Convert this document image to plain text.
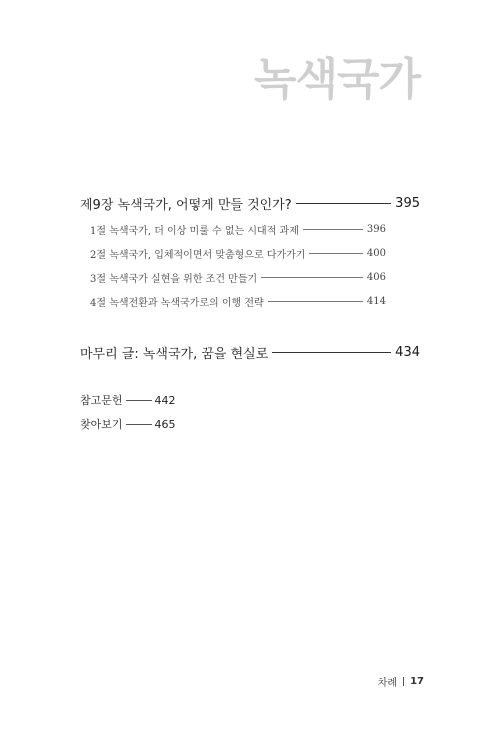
녹색국가
제9장 녹색국가, 어떻게 만들 것인가?	395
1절 녹색국가, 더 이상 미룰 수 없는 시대적 과제	396
2절 녹색국가, 입체적이면서 맞춤형으로 다가가기	400
3절 녹색국가 실현을 위한 조건 만들기	406
4절 녹색전환과 녹색국가로의 이행 전략	414
마무리 글: 녹색국가, 꿈을 현실로	434
참고문헌	442
찾아보기	465
차례 17
